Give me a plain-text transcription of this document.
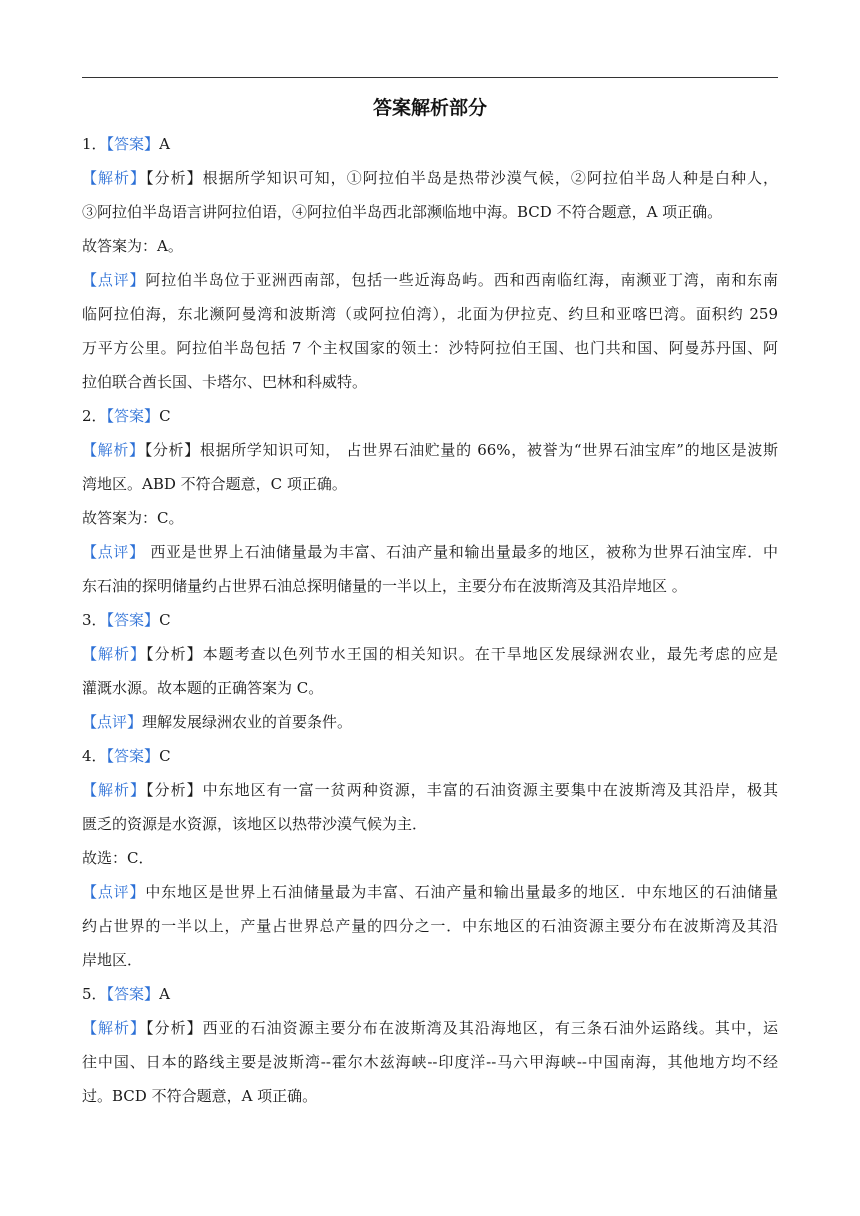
答案解析部分
1．【答案】A
【解析】【分析】根据所学知识可知，①阿拉伯半岛是热带沙漠气候，②阿拉伯半岛人种是白种人，
③阿拉伯半岛语言讲阿拉伯语，④阿拉伯半岛西北部濒临地中海。BCD 不符合题意，A 项正确。
故答案为：A。
【点评】阿拉伯半岛位于亚洲西南部，包括一些近海岛屿。西和西南临红海，南濒亚丁湾，南和东南
临阿拉伯海，东北濒阿曼湾和波斯湾（或阿拉伯湾），北面为伊拉克、约旦和亚喀巴湾。面积约 259
万平方公里。阿拉伯半岛包括 7 个主权国家的领土：沙特阿拉伯王国、也门共和国、阿曼苏丹国、阿
拉伯联合酋长国、卡塔尔、巴林和科威特。
2．【答案】C
【解析】【分析】根据所学知识可知， 占世界石油贮量的 66%，被誉为“世界石油宝库”的地区是波斯
湾地区。ABD 不符合题意，C 项正确。
故答案为：C。
【点评】 西亚是世界上石油储量最为丰富、石油产量和输出量最多的地区，被称为世界石油宝库．中
东石油的探明储量约占世界石油总探明储量的一半以上，主要分布在波斯湾及其沿岸地区 。
3．【答案】C
【解析】【分析】本题考查以色列节水王国的相关知识。在干旱地区发展绿洲农业，最先考虑的应是
灌溉水源。故本题的正确答案为 C。
【点评】理解发展绿洲农业的首要条件。
4．【答案】C
【解析】【分析】中东地区有一富一贫两种资源，丰富的石油资源主要集中在波斯湾及其沿岸，极其
匮乏的资源是水资源，该地区以热带沙漠气候为主．
故选：C．
【点评】中东地区是世界上石油储量最为丰富、石油产量和输出量最多的地区．中东地区的石油储量
约占世界的一半以上，产量占世界总产量的四分之一．中东地区的石油资源主要分布在波斯湾及其沿
岸地区．
5．【答案】A
【解析】【分析】西亚的石油资源主要分布在波斯湾及其沿海地区，有三条石油外运路线。其中，运
往中国、日本的路线主要是波斯湾--霍尔木兹海峡--印度洋--马六甲海峡--中国南海，其他地方均不经
过。BCD 不符合题意，A 项正确。
